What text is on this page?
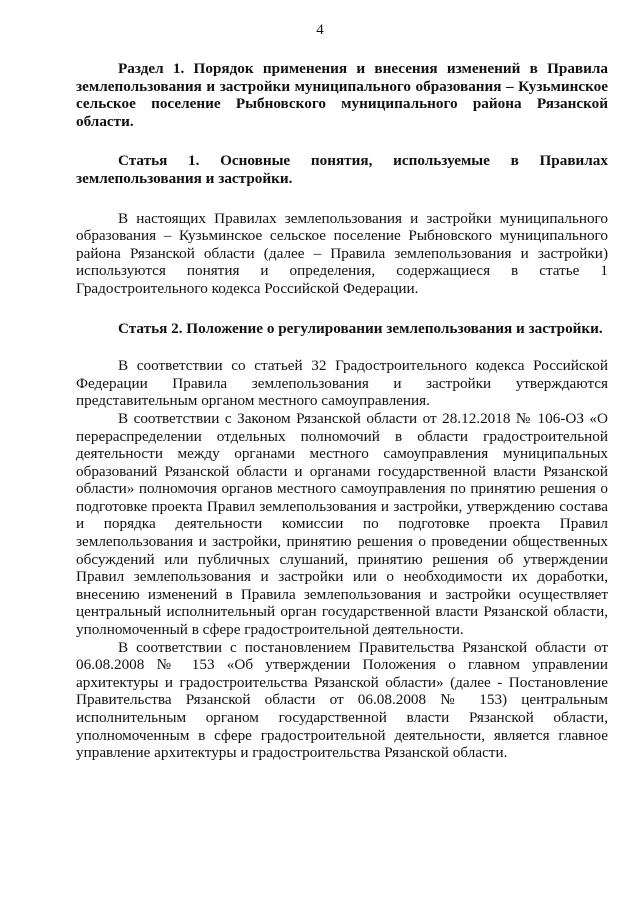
4

Раздел 1. Порядок применения и внесения изменений в Правила землепользования и застройки муниципального образования – Кузьминское сельское поселение Рыбновского муниципального района Рязанской области.

Статья 1. Основные понятия, используемые в Правилах землепользования и застройки.

В настоящих Правилах землепользования и застройки муниципального образования – Кузьминское сельское поселение Рыбновского муниципального района Рязанской области (далее – Правила землепользования и застройки) используются понятия и определения, содержащиеся в статье 1 Градостроительного кодекса Российской Федерации.

Статья 2. Положение о регулировании землепользования и застройки.

В соответствии со статьей 32 Градостроительного кодекса Российской Федерации Правила землепользования и застройки утверждаются представительным органом местного самоуправления.

В соответствии с Законом Рязанской области от 28.12.2018 № 106-ОЗ «О перераспределении отдельных полномочий в области градостроительной деятельности между органами местного самоуправления муниципальных образований Рязанской области и органами государственной власти Рязанской области» полномочия органов местного самоуправления по принятию решения о подготовке проекта Правил землепользования и застройки, утверждению состава и порядка деятельности комиссии по подготовке проекта Правил землепользования и застройки, принятию решения о проведении общественных обсуждений или публичных слушаний, принятию решения об утверждении Правил землепользования и застройки или о необходимости их доработки, внесению изменений в Правила землепользования и застройки осуществляет центральный исполнительный орган государственной власти Рязанской области, уполномоченный в сфере градостроительной деятельности.

В соответствии с постановлением Правительства Рязанской области от 06.08.2008 № 153 «Об утверждении Положения о главном управлении архитектуры и градостроительства Рязанской области» (далее - Постановление Правительства Рязанской области от 06.08.2008 № 153) центральным исполнительным органом государственной власти Рязанской области, уполномоченным в сфере градостроительной деятельности, является главное управление архитектуры и градостроительства Рязанской области.
